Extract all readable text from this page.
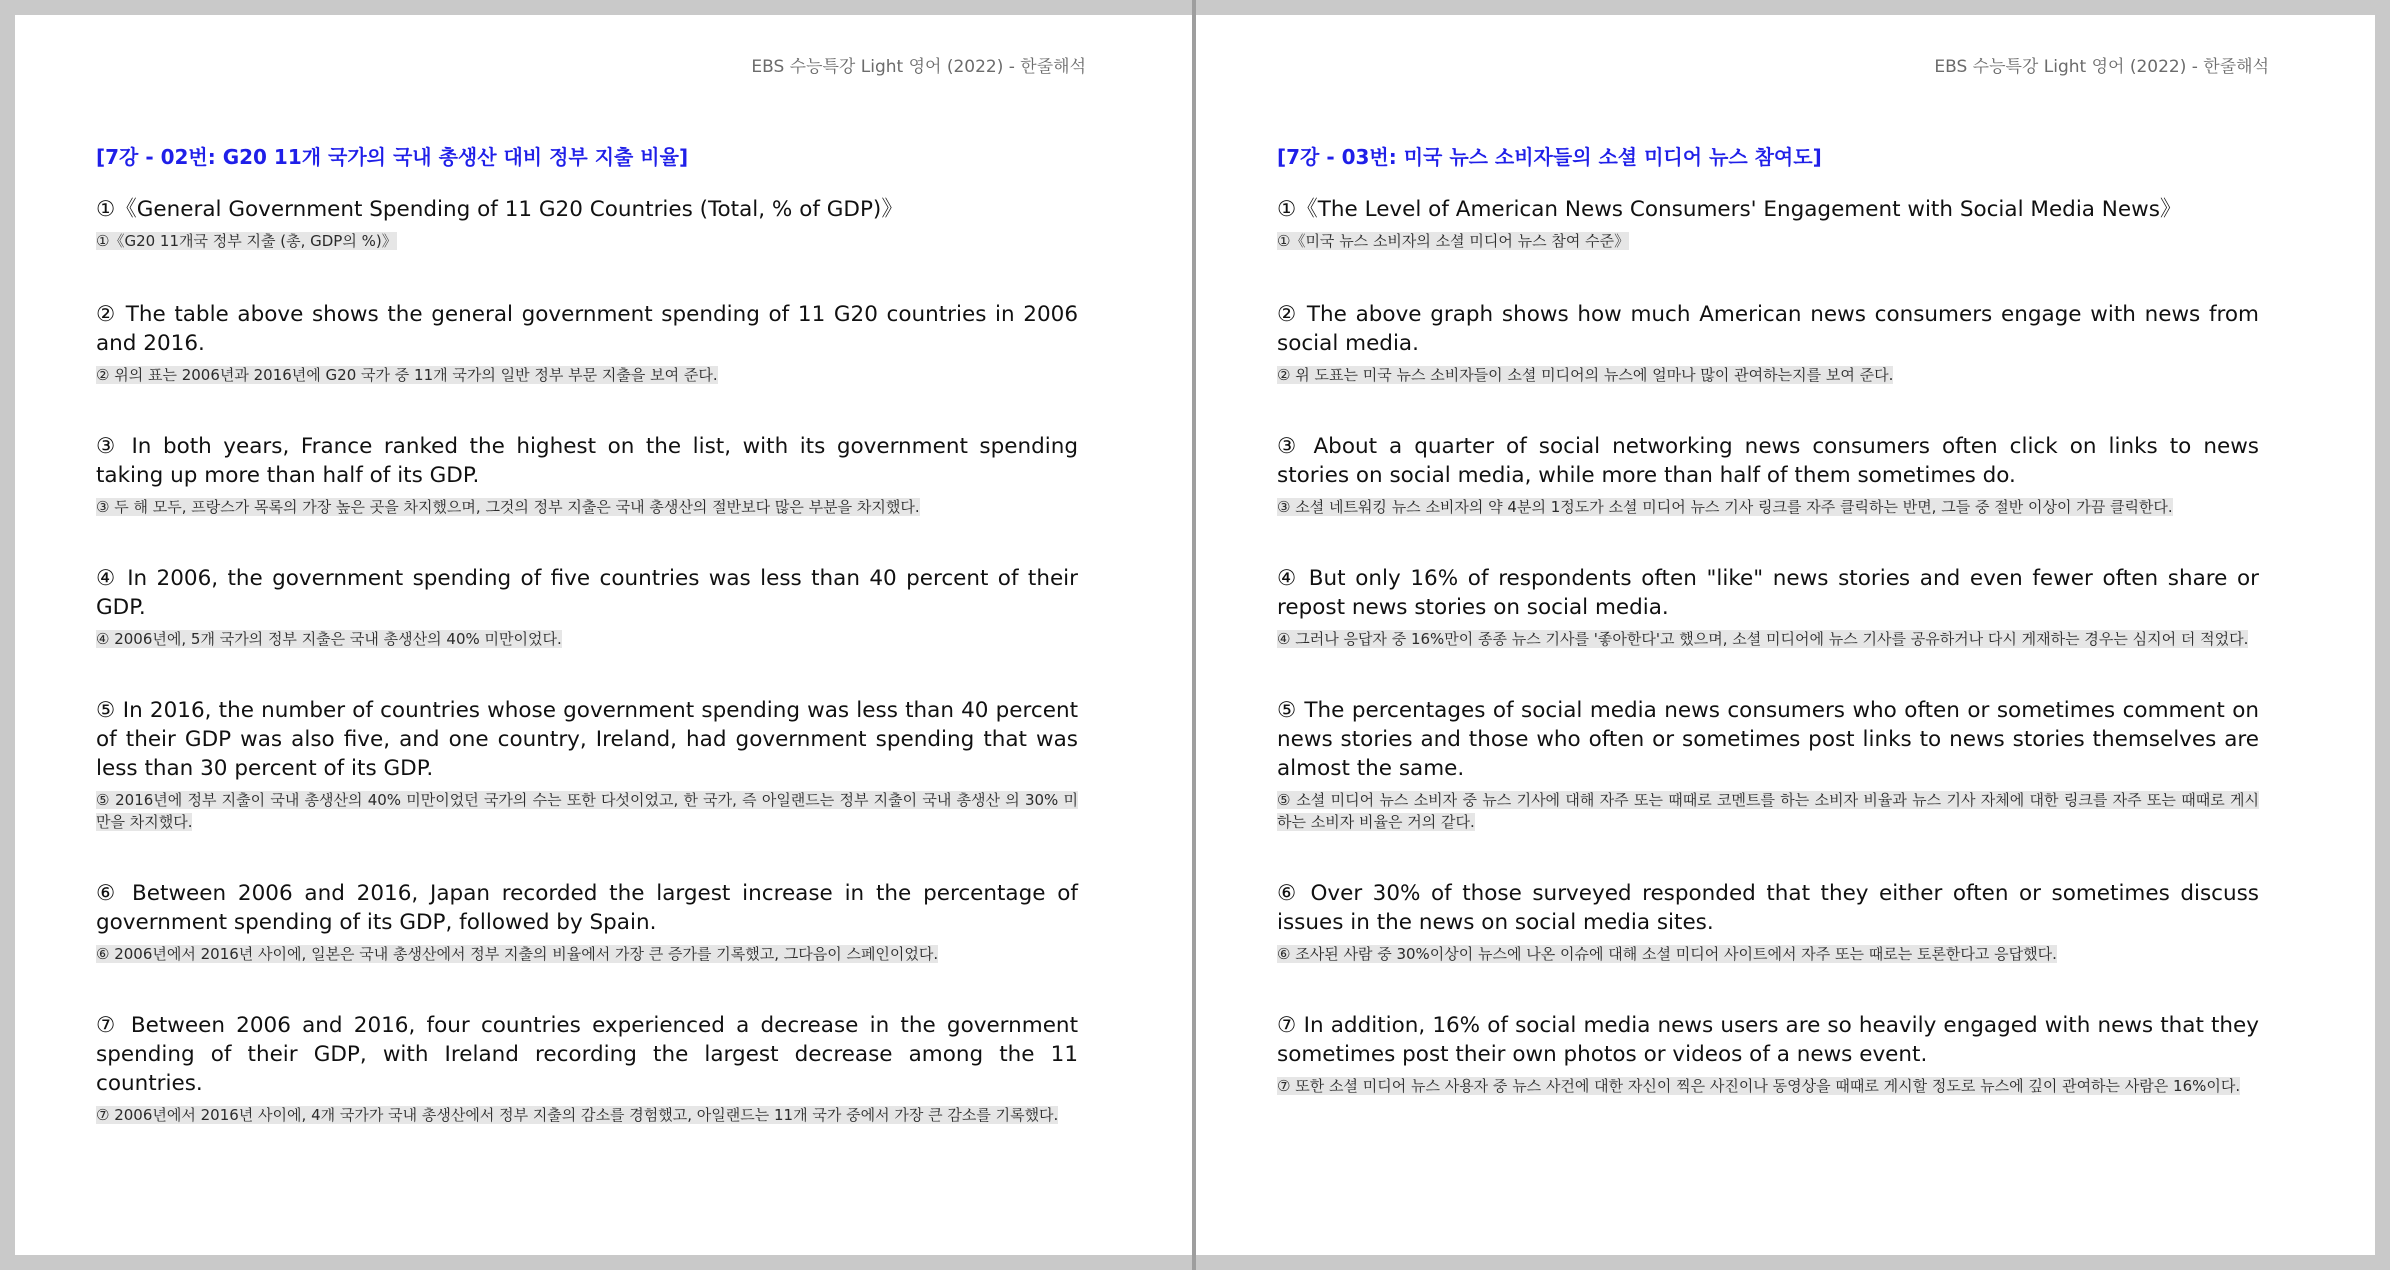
EBS 수능특강 Light 영어 (2022) - 한줄해석
[7강 - 02번: G20 11개 국가의 국내 총생산 대비 정부 지출 비율]
①《General Government Spending of 11 G20 Countries (Total, % of GDP)》
①《G20 11개국 정부 지출 (총, GDP의 %)》
② The table above shows the general government spending of 11 G20 countries in 2006 and 2016.
② 위의 표는 2006년과 2016년에 G20 국가 중 11개 국가의 일반 정부 부문 지출을 보여 준다.
③ In both years, France ranked the highest on the list, with its government spending taking up more than half of its GDP.
③ 두 해 모두, 프랑스가 목록의 가장 높은 곳을 차지했으며, 그것의 정부 지출은 국내 총생산의 절반보다 많은 부분을 차지했다.
④ In 2006, the government spending of five countries was less than 40 percent of their GDP.
④ 2006년에, 5개 국가의 정부 지출은 국내 총생산의 40% 미만이었다.
⑤ In 2016, the number of countries whose government spending was less than 40 percent of their GDP was also five, and one country, Ireland, had government spending that was less than 30 percent of its GDP.
⑤ 2016년에 정부 지출이 국내 총생산의 40% 미만이었던 국가의 수는 또한 다섯이었고, 한 국가, 즉 아일랜드는 정부 지출이 국내 총생산 의 30% 미만을 차지했다.
⑥ Between 2006 and 2016, Japan recorded the largest increase in the percentage of government spending of its GDP, followed by Spain.
⑥ 2006년에서 2016년 사이에, 일본은 국내 총생산에서 정부 지출의 비율에서 가장 큰 증가를 기록했고, 그다음이 스페인이었다.
⑦ Between 2006 and 2016, four countries experienced a decrease in the government spending of their GDP, with Ireland recording the largest decrease among the 11 countries.
⑦ 2006년에서 2016년 사이에, 4개 국가가 국내 총생산에서 정부 지출의 감소를 경험했고, 아일랜드는 11개 국가 중에서 가장 큰 감소를 기록했다.
EBS 수능특강 Light 영어 (2022) - 한줄해석
[7강 - 03번: 미국 뉴스 소비자들의 소셜 미디어 뉴스 참여도]
①《The Level of American News Consumers' Engagement with Social Media News》
①《미국 뉴스 소비자의 소셜 미디어 뉴스 참여 수준》
② The above graph shows how much American news consumers engage with news from social media.
② 위 도표는 미국 뉴스 소비자들이 소셜 미디어의 뉴스에 얼마나 많이 관여하는지를 보여 준다.
③ About a quarter of social networking news consumers often click on links to news stories on social media, while more than half of them sometimes do.
③ 소셜 네트워킹 뉴스 소비자의 약 4분의 1정도가 소셜 미디어 뉴스 기사 링크를 자주 클릭하는 반면, 그들 중 절반 이상이 가끔 클릭한다.
④ But only 16% of respondents often "like" news stories and even fewer often share or repost news stories on social media.
④ 그러나 응답자 중 16%만이 종종 뉴스 기사를 '좋아한다'고 했으며, 소셜 미디어에 뉴스 기사를 공유하거나 다시 게재하는 경우는 심지어 더 적었다.
⑤ The percentages of social media news consumers who often or sometimes comment on news stories and those who often or sometimes post links to news stories themselves are almost the same.
⑤ 소셜 미디어 뉴스 소비자 중 뉴스 기사에 대해 자주 또는 때때로 코멘트를 하는 소비자 비율과 뉴스 기사 자체에 대한 링크를 자주 또는 때때로 게시하는 소비자 비율은 거의 같다.
⑥ Over 30% of those surveyed responded that they either often or sometimes discuss issues in the news on social media sites.
⑥ 조사된 사람 중 30%이상이 뉴스에 나온 이슈에 대해 소셜 미디어 사이트에서 자주 또는 때로는 토론한다고 응답했다.
⑦ In addition, 16% of social media news users are so heavily engaged with news that they sometimes post their own photos or videos of a news event.
⑦ 또한 소셜 미디어 뉴스 사용자 중 뉴스 사건에 대한 자신이 찍은 사진이나 동영상을 때때로 게시할 정도로 뉴스에 깊이 관여하는 사람은 16%이다.
